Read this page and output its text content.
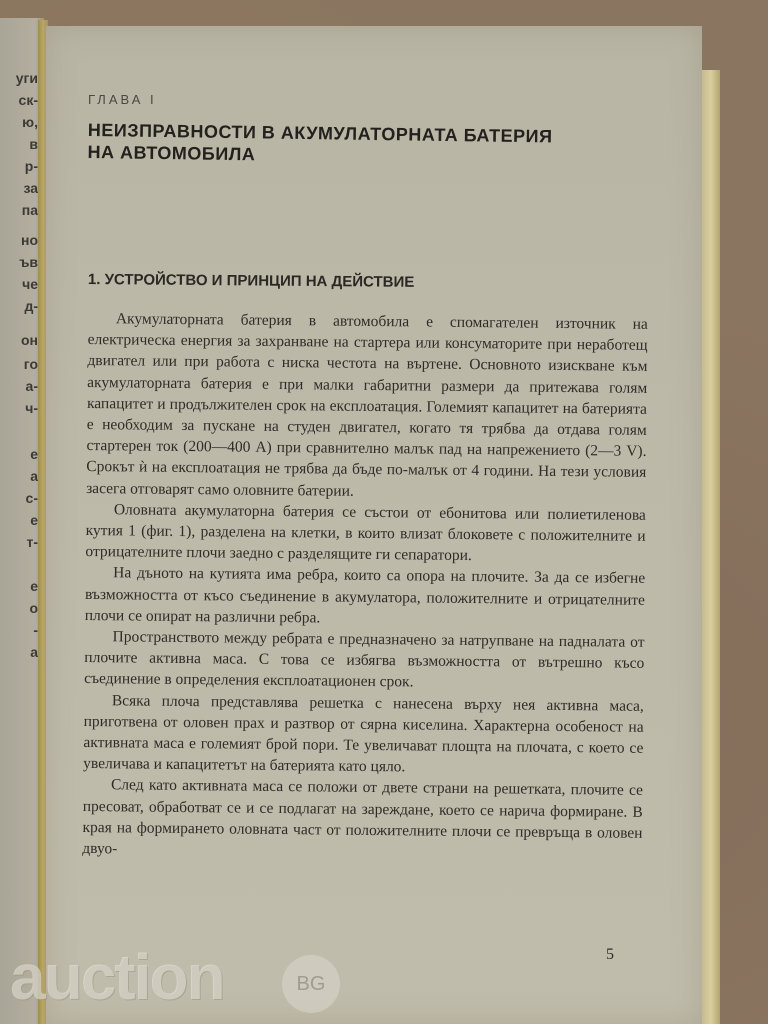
уги
ск-
ю,
в
р-
за
па
но
ъв
че
д-
он
го
а-
ч-
е
а
с-
е
т-
е
о
-
а
ГЛАВА I
НЕИЗПРАВНОСТИ В АКУМУЛАТОРНАТА БАТЕРИЯ
НА АВТОМОБИЛА
1. УСТРОЙСТВО И ПРИНЦИП НА ДЕЙСТВИЕ

Акумулаторната батерия в автомобила е спомагателен източник на електрическа енергия за захранване на стартера или консуматорите при неработещ двигател или при работа с ниска честота на въртене. Основното изискване към акумулаторната батерия е при малки габаритни размери да притежава голям капацитет и продължителен срок на експлоатация. Големият капацитет на батерията е необходим за пускане на студен двигател, когато тя трябва да отдава голям стартерен ток (200—400 A) при сравнително малък пад на напрежението (2—3 V). Срокът ѝ на експлоатация не трябва да бъде по-малък от 4 години. На тези условия засега отговарят само оловните батерии.

Оловната акумулаторна батерия се състои от ебонитова или полиетиленова кутия 1 (фиг. 1), разделена на клетки, в които влизат блоковете с положителните и отрицателните плочи заедно с разделящите ги сепаратори.

На дъното на кутията има ребра, които са опора на плочите. За да се избегне възможността от късо съединение в акумулатора, положителните и отрицателните плочи се опират на различни ребра.

Пространството между ребрата е предназначено за натрупване на падналата от плочите активна маса. С това се избягва възможността от вътрешно късо съединение в определения експлоатационен срок.

Всяка плоча представлява решетка с нанесена върху нея активна маса, приготвена от оловен прах и разтвор от сярна киселина. Характерна особеност на активната маса е големият брой пори. Те увеличават площта на плочата, с което се увеличава и капацитетът на батерията като цяло.

След като активната маса се положи от двете страни на решетката, плочите се пресоват, обработват се и се подлагат на зареждане, което се нарича формиране. В края на формирането оловната част от положителните плочи се превръща в оловен двуо-

5
auction	BG
